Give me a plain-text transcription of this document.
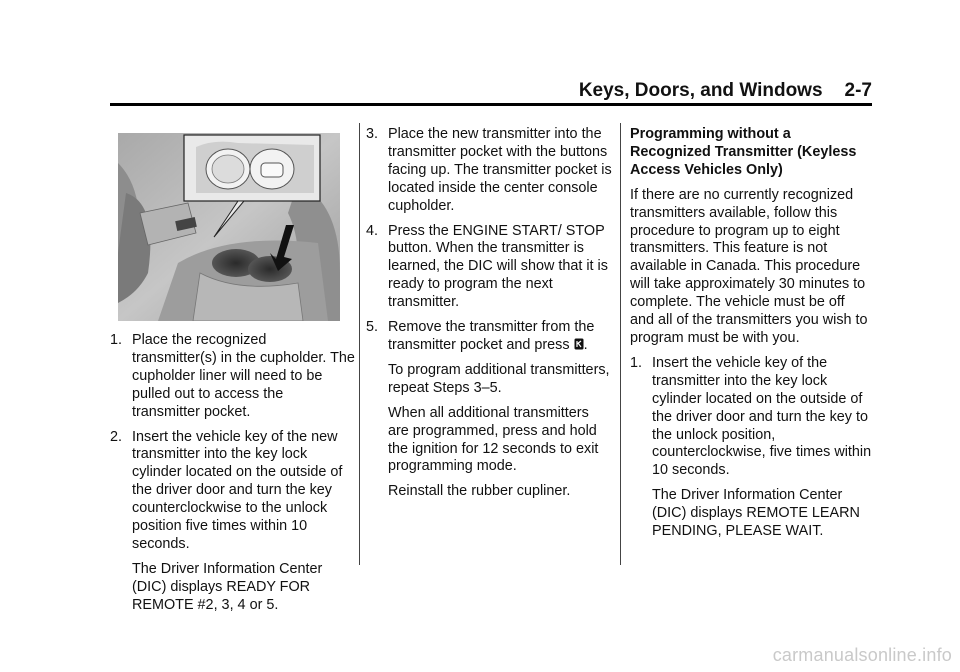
Keys, Doors, and Windows 2-7
1. Place the recognized transmitter(s) in the cupholder. The cupholder liner will need to be pulled out to access the transmitter pocket.
2. Insert the vehicle key of the new transmitter into the key lock cylinder located on the outside of the driver door and turn the key counterclockwise to the unlock position five times within 10 seconds.
The Driver Information Center (DIC) displays READY FOR REMOTE #2, 3, 4 or 5.
3. Place the new transmitter into the transmitter pocket with the buttons facing up. The transmitter pocket is located inside the center console cupholder.
4. Press the ENGINE START/ STOP button. When the transmitter is learned, the DIC will show that it is ready to program the next transmitter.
5. Remove the transmitter from the transmitter pocket and press .
To program additional transmitters, repeat Steps 3–5.
When all additional transmitters are programmed, press and hold the ignition for 12 seconds to exit programming mode.
Reinstall the rubber cupliner.

Programming without a Recognized Transmitter (Keyless Access Vehicles Only)

If there are no currently recognized transmitters available, follow this procedure to program up to eight transmitters. This feature is not available in Canada. This procedure will take approximately 30 minutes to complete. The vehicle must be off and all of the transmitters you wish to program must be with you.

1. Insert the vehicle key of the transmitter into the key lock cylinder located on the outside of the driver door and turn the key to the unlock position, counterclockwise, five times within 10 seconds.
The Driver Information Center (DIC) displays REMOTE LEARN PENDING, PLEASE WAIT.
carmanualsonline.info
